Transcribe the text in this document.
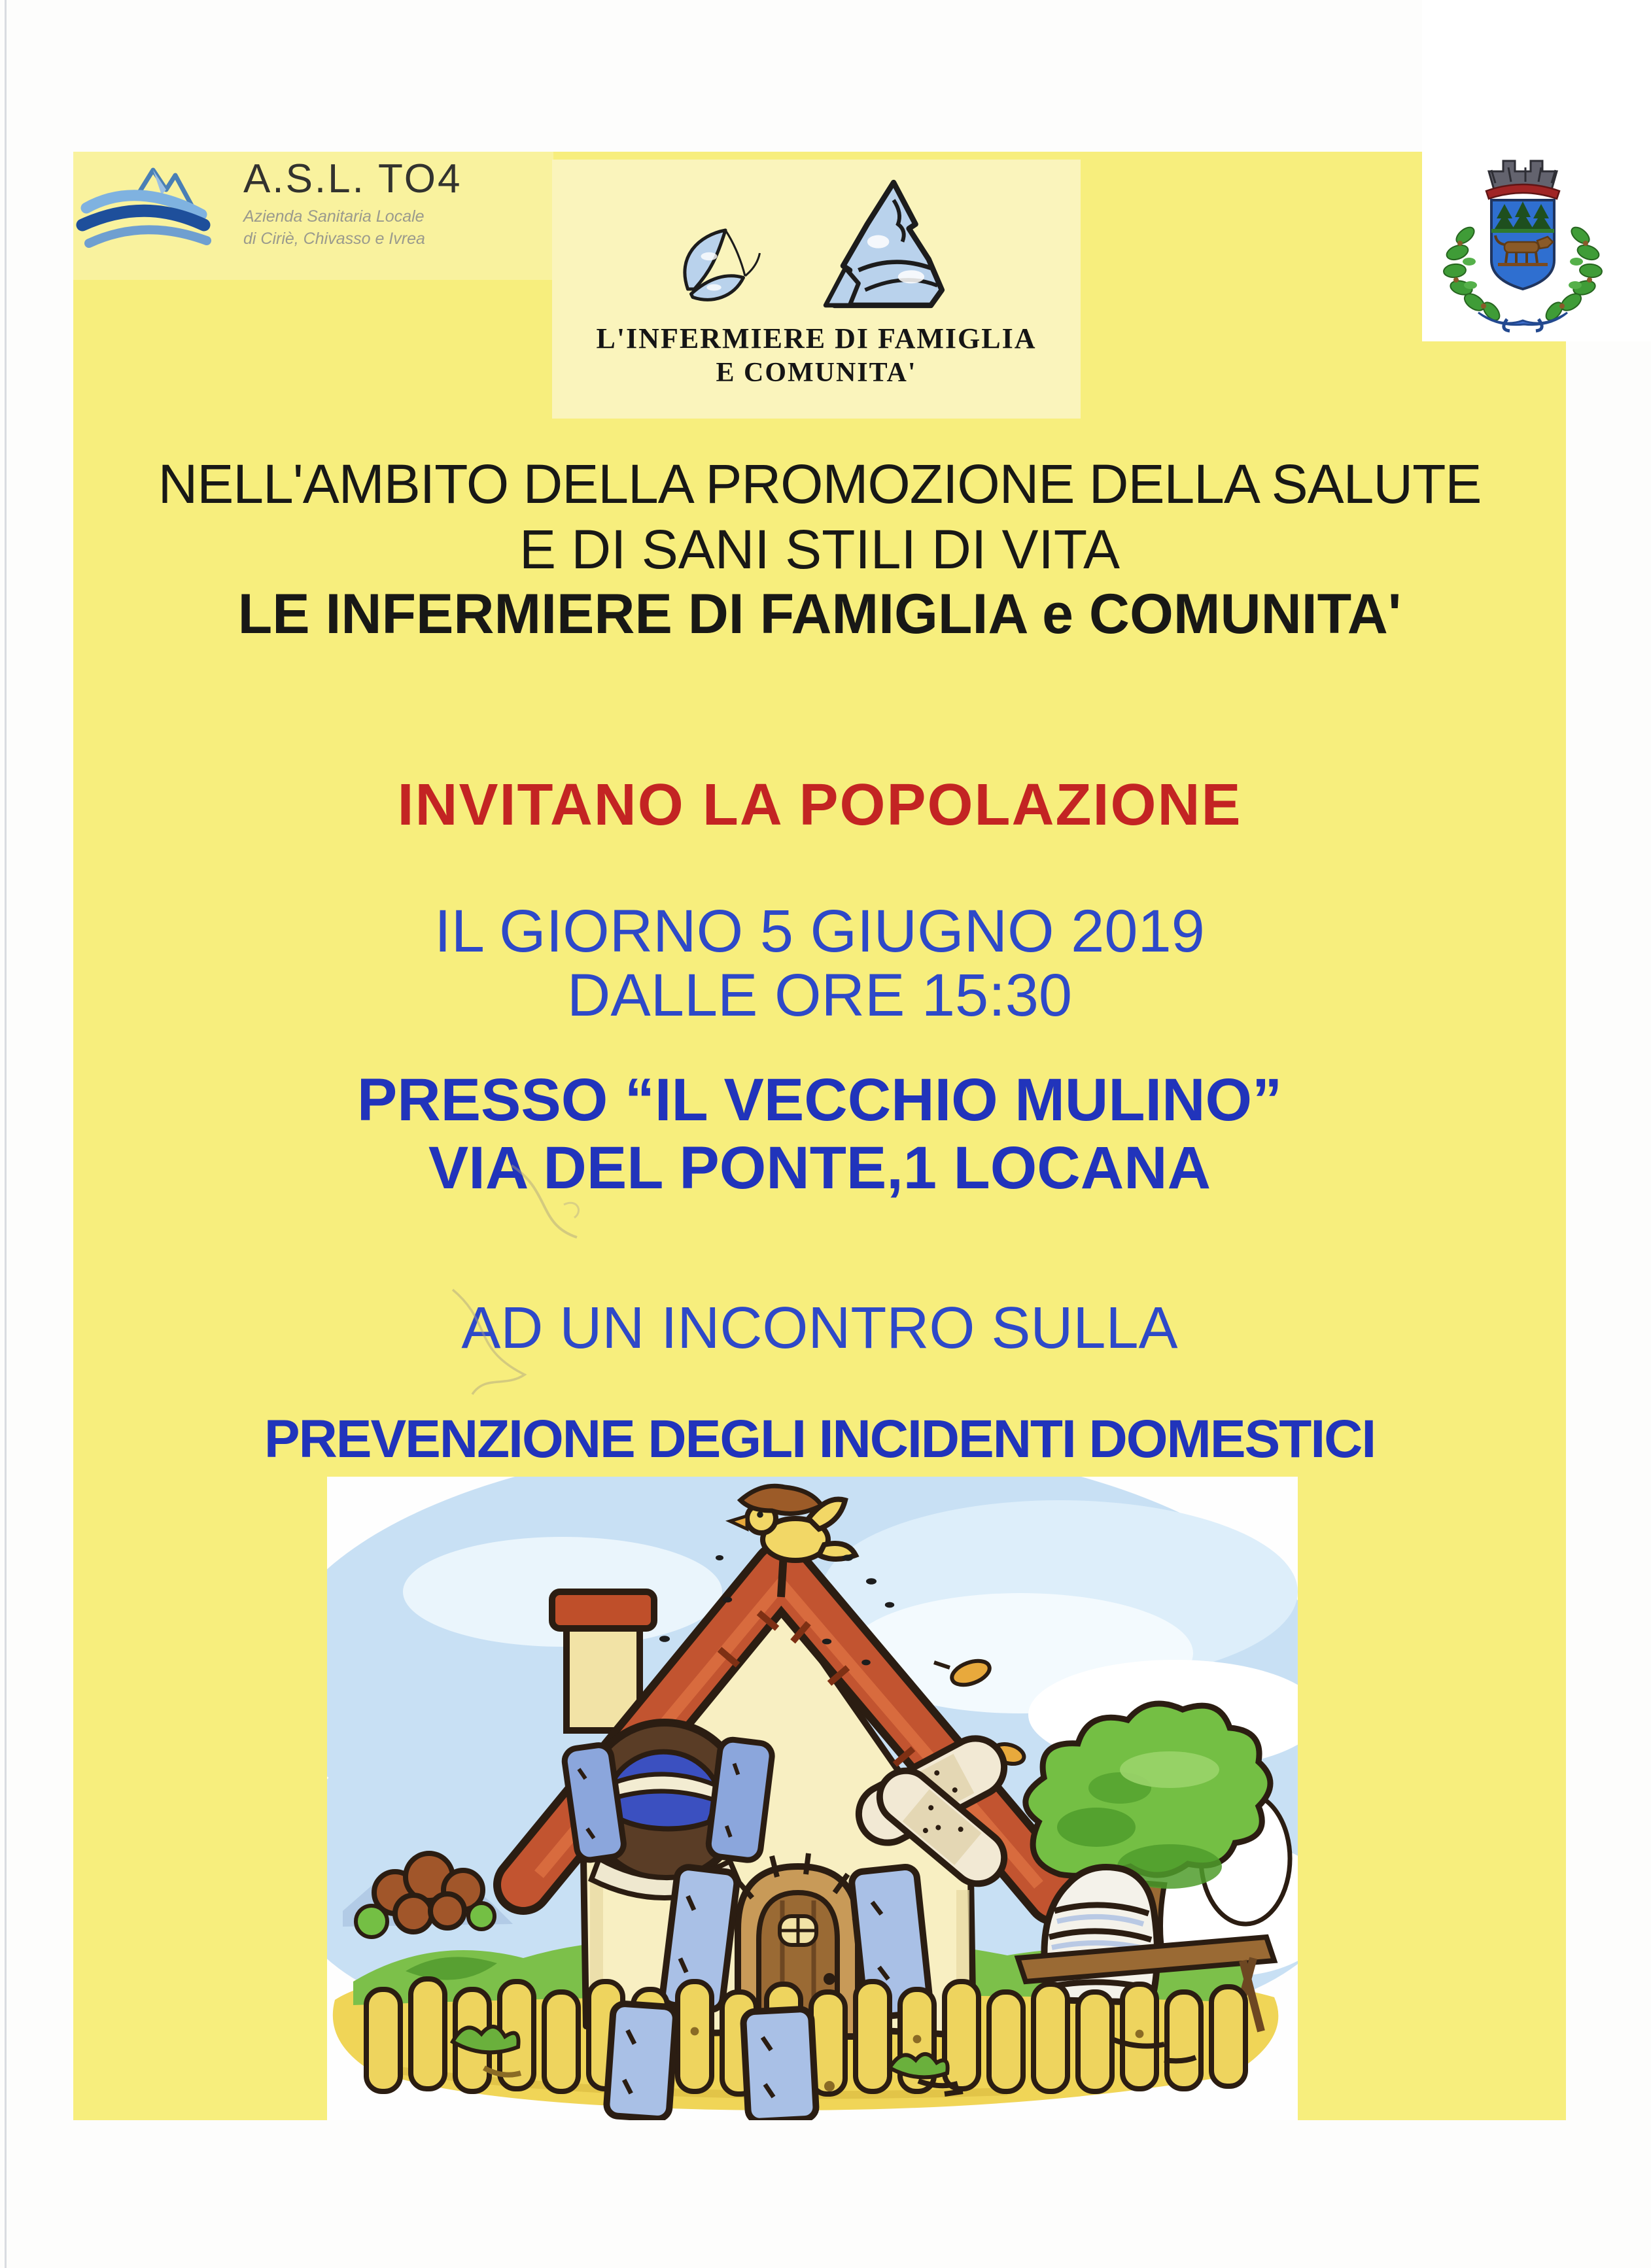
A.S.L. TO4
Azienda Sanitaria Locale
di Ciriè, Chivasso e Ivrea
L'INFERMIERE DI FAMIGLIA
E COMUNITA'
NELL'AMBITO DELLA PROMOZIONE DELLA SALUTE
E DI SANI STILI DI VITA
LE INFERMIERE DI FAMIGLIA e COMUNITA'
INVITANO LA POPOLAZIONE
IL GIORNO 5 GIUGNO 2019
DALLE ORE 15:30
PRESSO “IL VECCHIO MULINO”
VIA DEL PONTE,1 LOCANA
AD UN INCONTRO SULLA
PREVENZIONE DEGLI INCIDENTI DOMESTICI
